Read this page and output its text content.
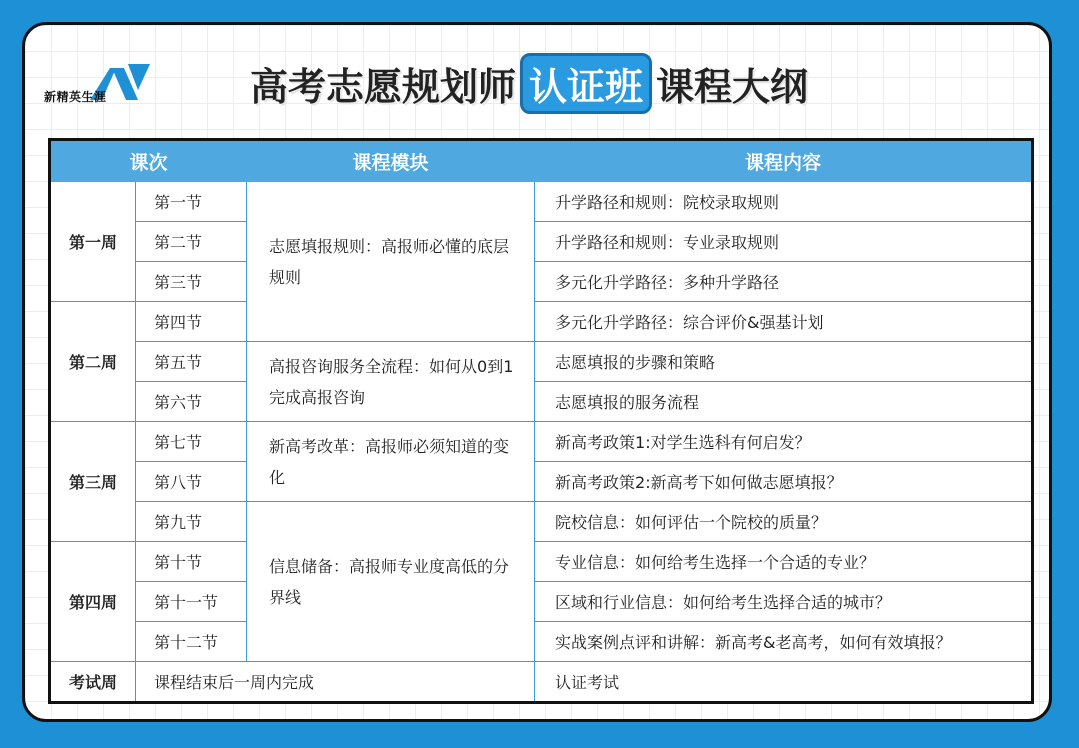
新精英生涯	高考志愿规划师 认证班 课程大纲
课次		课程模块	课程内容
第一周	第一节	志愿填报规则：高报师必懂的底层规则	升学路径和规则：院校录取规则
	第二节		升学路径和规则：专业录取规则
	第三节		多元化升学路径：多种升学路径
第二周	第四节		多元化升学路径：综合评价&强基计划
	第五节	高报咨询服务全流程：如何从0到1完成高报咨询	志愿填报的步骤和策略
	第六节		志愿填报的服务流程
第三周	第七节	新高考改革：高报师必须知道的变化	新高考政策1:对学生选科有何启发？
	第八节		新高考政策2:新高考下如何做志愿填报？
	第九节	信息储备：高报师专业度高低的分界线	院校信息：如何评估一个院校的质量？
第四周	第十节		专业信息：如何给考生选择一个合适的专业？
	第十一节		区域和行业信息：如何给考生选择合适的城市？
	第十二节		实战案例点评和讲解：新高考&老高考，如何有效填报？
考试周	课程结束后一周内完成		认证考试
